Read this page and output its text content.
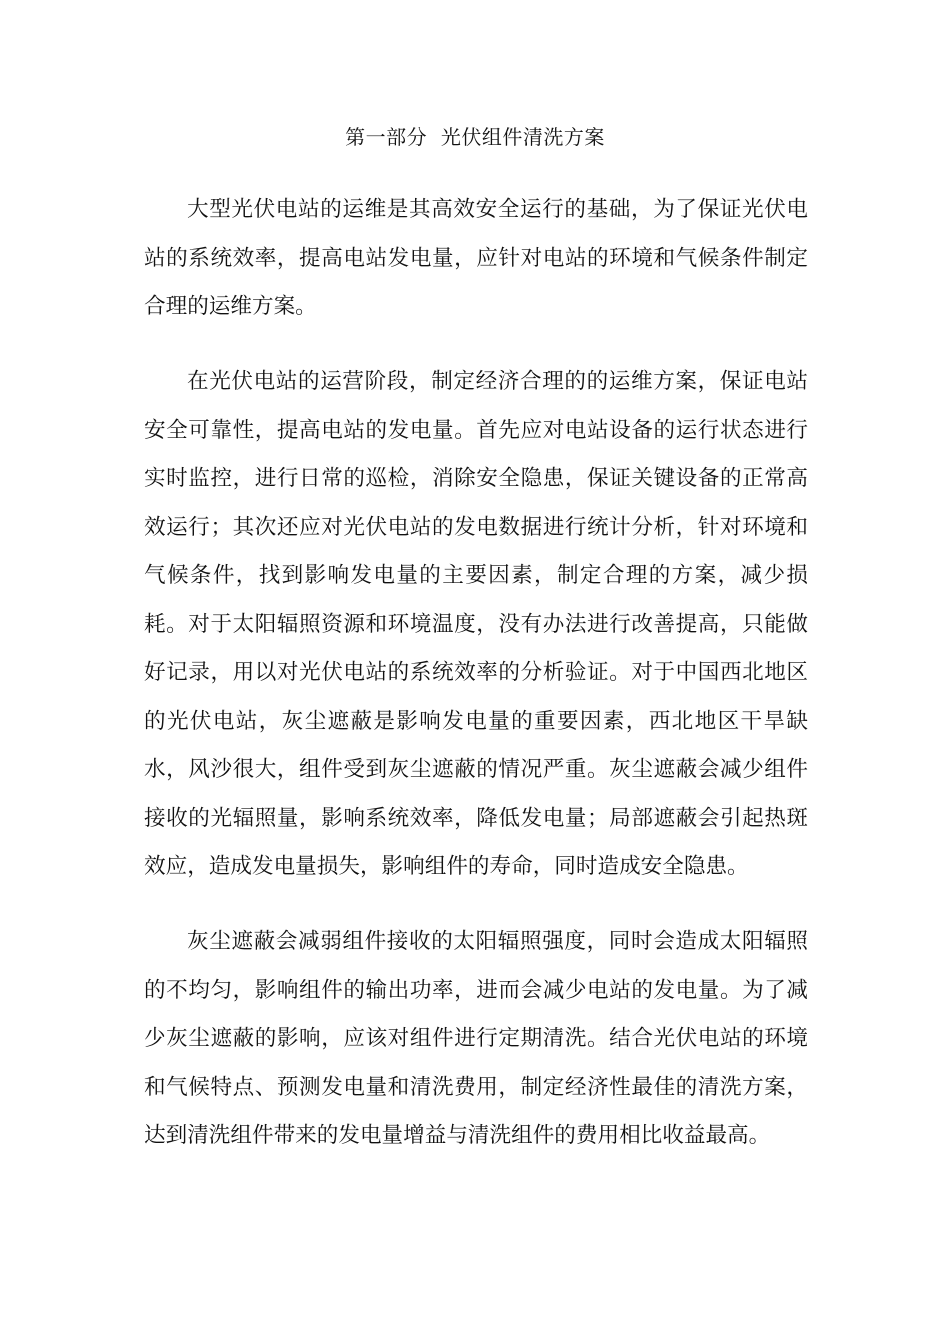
第一部分  光伏组件清洗方案

大型光伏电站的运维是其高效安全运行的基础，为了保证光伏电站的系统效率，提高电站发电量，应针对电站的环境和气候条件制定合理的运维方案。

在光伏电站的运营阶段，制定经济合理的的运维方案，保证电站安全可靠性，提高电站的发电量。首先应对电站设备的运行状态进行实时监控，进行日常的巡检，消除安全隐患，保证关键设备的正常高效运行；其次还应对光伏电站的发电数据进行统计分析，针对环境和气候条件，找到影响发电量的主要因素，制定合理的方案，减少损耗。对于太阳辐照资源和环境温度，没有办法进行改善提高，只能做好记录，用以对光伏电站的系统效率的分析验证。对于中国西北地区的光伏电站，灰尘遮蔽是影响发电量的重要因素，西北地区干旱缺水，风沙很大，组件受到灰尘遮蔽的情况严重。灰尘遮蔽会减少组件接收的光辐照量，影响系统效率，降低发电量；局部遮蔽会引起热斑效应，造成发电量损失，影响组件的寿命，同时造成安全隐患。

灰尘遮蔽会减弱组件接收的太阳辐照强度，同时会造成太阳辐照的不均匀，影响组件的输出功率，进而会减少电站的发电量。为了减少灰尘遮蔽的影响，应该对组件进行定期清洗。结合光伏电站的环境和气候特点、预测发电量和清洗费用，制定经济性最佳的清洗方案，达到清洗组件带来的发电量增益与清洗组件的费用相比收益最高。
